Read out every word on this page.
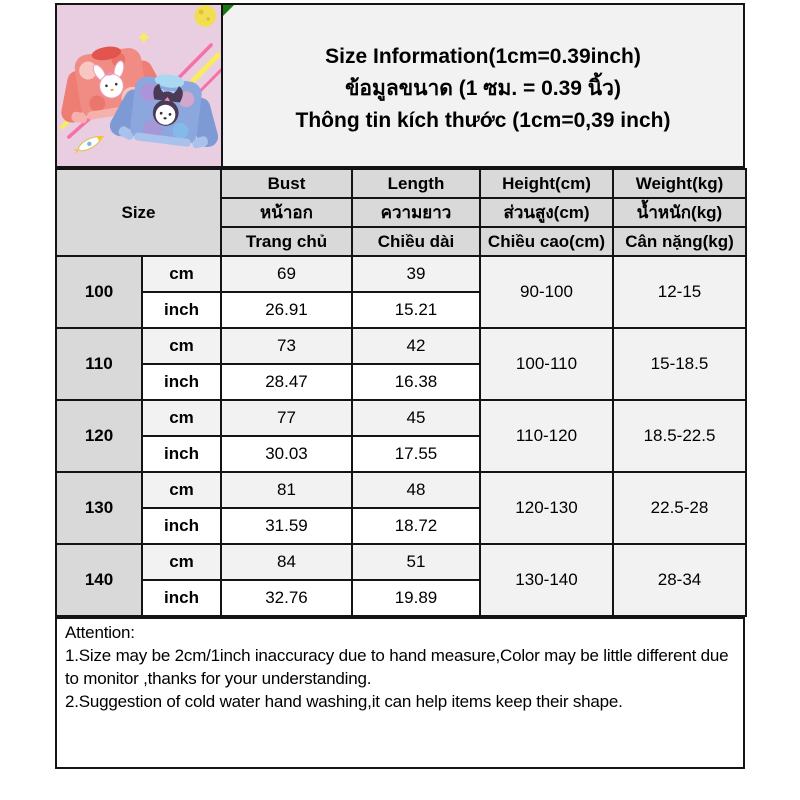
Size Information(1cm=0.39inch)
ข้อมูลขนาด (1 ซม. = 0.39 นิ้ว)
Thông tin kích thước (1cm=0,39 inch)
Size		Bust	Length	Height(cm)	Weight(kg)
		หน้าอก	ความยาว	ส่วนสูง(cm)	น้ำหนัก(kg)
		Trang chủ	Chiều dài	Chiều cao(cm)	Cân nặng(kg)
100	cm	69	39	90-100	12-15
	inch	26.91	15.21		
110	cm	73	42	100-110	15-18.5
	inch	28.47	16.38		
120	cm	77	45	110-120	18.5-22.5
	inch	30.03	17.55		
130	cm	81	48	120-130	22.5-28
	inch	31.59	18.72		
140	cm	84	51	130-140	28-34
	inch	32.76	19.89		
Attention:
1.Size may be 2cm/1inch inaccuracy due to hand measure,Color may be little different due to monitor ,thanks for your understanding.
2.Suggestion of cold water hand washing,it can help items keep their shape.
